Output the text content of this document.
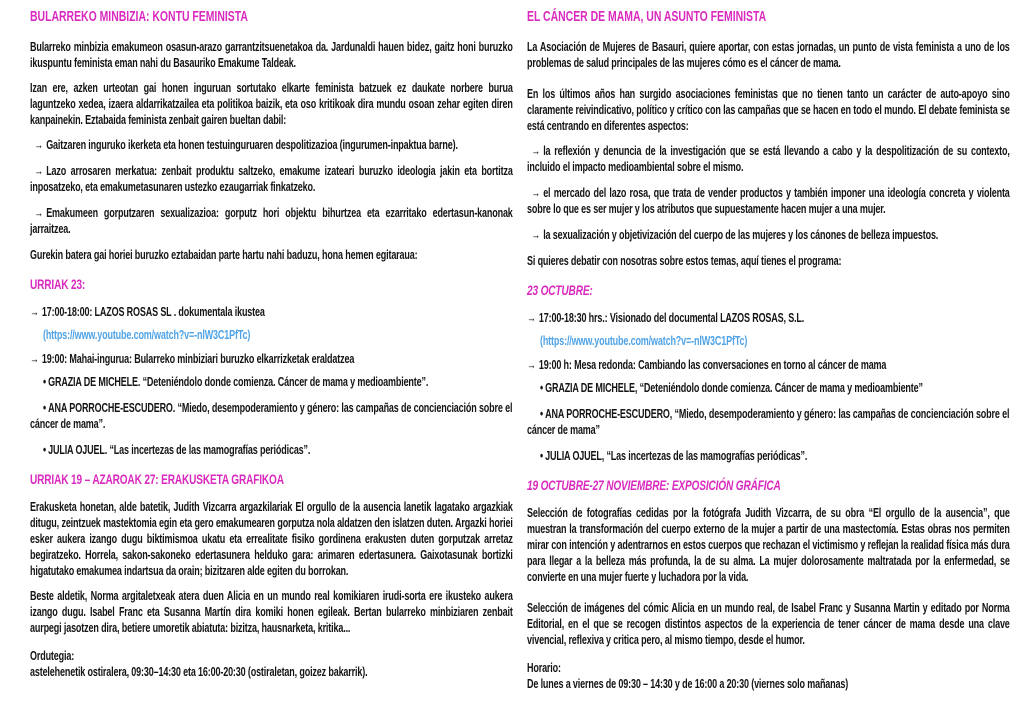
BULARREKO MINBIZIA: KONTU FEMINISTA
Bularreko minbizia emakumeon osasun-arazo garrantzitsuenetakoa da. Jardunaldi hauen bidez, gaitz honi buruzko ikuspuntu feminista eman nahi du Basauriko Emakume Taldeak.
Izan ere, azken urteotan gai honen inguruan sortutako elkarte feminista batzuek ez daukate norbere burua laguntzeko xedea, izaera aldarrikatzailea eta politikoa baizik, eta oso kritikoak dira mundu osoan zehar egiten diren kanpainekin. Eztabaida feminista zenbait gairen bueltan dabil:
→ Gaitzaren inguruko ikerketa eta honen testuinguruaren despolitizazioa (ingurumen-inpaktua barne).
→ Lazo arrosaren merkatua: zenbait produktu saltzeko, emakume izateari buruzko ideologia jakin eta bortitza inposatzeko, eta emakumetasunaren ustezko ezaugarriak finkatzeko.
→ Emakumeen gorputzaren sexualizazioa: gorputz hori objektu bihurtzea eta ezarritako edertasun-kanonak jarraitzea.
Gurekin batera gai horiei buruzko eztabaidan parte hartu nahi baduzu, hona hemen egitaraua:
URRIAK 23:
→ 17:00-18:00: LAZOS ROSAS SL . dokumentala ikustea
(https://www.youtube.com/watch?v=-nlW3C1PfTc)
→ 19:00: Mahai-ingurua: Bularreko minbiziari buruzko elkarrizketak eraldatzea
• GRAZIA DE MICHELE. “Deteniéndolo donde comienza. Cáncer de mama y medioambiente”.
• ANA PORROCHE-ESCUDERO. “Miedo, desempoderamiento y género: las campañas de concienciación sobre el cáncer de mama”.
• JULIA OJUEL. “Las incertezas de las mamografías periódicas”.
URRIAK 19 – AZAROAK 27: ERAKUSKETA GRAFIKOA
Erakusketa honetan, alde batetik, Judith Vizcarra argazkilariak El orgullo de la ausencia lanetik lagatako argazkiak ditugu, zeintzuek mastektomia egin eta gero emakumearen gorputza nola aldatzen den islatzen duten. Argazki horiei esker aukera izango dugu biktimismoa ukatu eta errealitate fisiko gordinena erakusten duten gorputzak arretaz begiratzeko. Horrela, sakon-sakoneko edertasunera helduko gara: arimaren edertasunera. Gaixotasunak bortizki higatutako emakumea indartsua da orain; bizitzaren alde egiten du borrokan.
Beste aldetik, Norma argitaletxeak atera duen Alicia en un mundo real komikiaren irudi-sorta ere ikusteko aukera izango dugu. Isabel Franc eta Susanna Martín dira komiki honen egileak. Bertan bularreko minbiziaren zenbait aurpegi jasotzen dira, betiere umoretik abiatuta: bizitza, hausnarketa, kritika...
Ordutegia:
astelehenetik ostiralera, 09:30–14:30 eta 16:00-20:30 (ostiraletan, goizez bakarrik).
EL CÁNCER DE MAMA, UN ASUNTO FEMINISTA
La Asociación de Mujeres de Basauri, quiere aportar, con estas jornadas, un punto de vista feminista a uno de los problemas de salud principales de las mujeres cómo es el cáncer de mama.
En los últimos años han surgido asociaciones feministas que no tienen tanto un carácter de auto-apoyo sino claramente reivindicativo, político y crítico con las campañas que se hacen en todo el mundo. El debate feminista se está centrando en diferentes aspectos:
→ la reflexión y denuncia de la investigación que se está llevando a cabo y la despolitización de su contexto, incluido el impacto medioambiental sobre el mismo.
→ el mercado del lazo rosa, que trata de vender productos y también imponer una ideología concreta y violenta sobre lo que es ser mujer y los atributos que supuestamente hacen mujer a una mujer.
→ la sexualización y objetivización del cuerpo de las mujeres y los cánones de belleza impuestos.
Si quieres debatir con nosotras sobre estos temas, aquí tienes el programa:
23 OCTUBRE:
→ 17:00-18:30 hrs.: Visionado del documental LAZOS ROSAS, S.L.
(https://www.youtube.com/watch?v=-nlW3C1PfTc)
→ 19:00 h: Mesa redonda: Cambiando las conversaciones en torno al cáncer de mama
• GRAZIA DE MICHELE, “Deteniéndolo donde comienza. Cáncer de mama y medioambiente”
• ANA PORROCHE-ESCUDERO, “Miedo, desempoderamiento y género: las campañas de concienciación sobre el cáncer de mama”
• JULIA OJUEL, “Las incertezas de las mamografías periódicas”.
19 OCTUBRE-27 NOVIEMBRE: EXPOSICIÓN GRÁFICA
Selección de fotografías cedidas por la fotógrafa Judith Vizcarra, de su obra “El orgullo de la ausencia”, que muestran la transformación del cuerpo externo de la mujer a partir de una mastectomía. Estas obras nos permiten mirar con intención y adentrarnos en estos cuerpos que rechazan el victimismo y reflejan la realidad física más dura para llegar a la belleza más profunda, la de su alma. La mujer dolorosamente maltratada por la enfermedad, se convierte en una mujer fuerte y luchadora por la vida.
Selección de imágenes del cómic Alicia en un mundo real, de Isabel Franc y Susanna Martin y editado por Norma Editorial, en el que se recogen distintos aspectos de la experiencia de tener cáncer de mama desde una clave vivencial, reflexiva y critica pero, al mismo tiempo, desde el humor.
Horario:
De lunes a viernes de 09:30 – 14:30 y de 16:00 a 20:30 (viernes solo mañanas)
